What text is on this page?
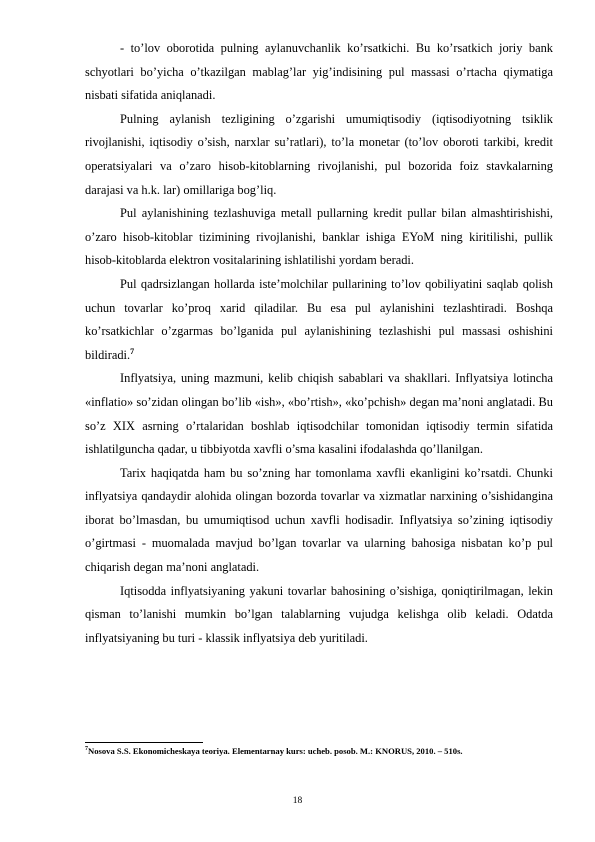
- to’lov oborotida pulning aylanuvchanlik ko’rsatkichi. Bu ko’rsatkich joriy bank schyotlari bo’yicha o’tkazilgan mablag’lar yig’indisining pul massasi o’rtacha qiymatiga nisbati sifatida aniqlanadi.

Pulning aylanish tezligining o’zgarishi umumiqtisodiy (iqtisodiyotning tsiklik rivojlanishi, iqtisodiy o’sish, narxlar su’ratlari), to’la monetar (to’lov oboroti tarkibi, kredit operatsiyalari va o’zaro hisob-kitoblarning rivojlanishi, pul bozorida foiz stavkalarning darajasi va h.k. lar) omillariga bog’liq.

Pul aylanishining tezlashuviga metall pullarning kredit pullar bilan almashtirishishi, o’zaro hisob-kitoblar tizimining rivojlanishi, banklar ishiga EYoM ning kiritilishi, pullik hisob-kitoblarda elektron vositalarining ishlatilishi yordam beradi.

Pul qadrsizlangan hollarda iste’molchilar pullarining to’lov qobiliyatini saqlab qolish uchun tovarlar ko’proq xarid qiladilar. Bu esa pul aylanishini tezlashtiradi. Boshqa ko’rsatkichlar o’zgarmas bo’lganida pul aylanishining tezlashishi pul massasi oshishini bildiradi.$^7$

Inflyatsiya, uning mazmuni, kelib chiqish sabablari va shakllari. Inflyatsiya lotincha «inflatio» so’zidan olingan bo’lib «ish», «bo’rtish», «ko’pchish» degan ma’noni anglatadi. Bu so’z XIX asrning o’rtalaridan boshlab iqtisodchilar tomonidan iqtisodiy termin sifatida ishlatilguncha qadar, u tibbiyotda xavfli o’sma kasalini ifodalashda qo’llanilgan.

Tarix haqiqatda ham bu so’zning har tomonlama xavfli ekanligini ko’rsatdi. Chunki inflyatsiya qandaydir alohida olingan bozorda tovarlar va xizmatlar narxining o’sishidangina iborat bo’lmasdan, bu umumiqtisod uchun xavfli hodisadir. Inflyatsiya so’zining iqtisodiy o’girtmasi - muomalada mavjud bo’lgan tovarlar va ularning bahosiga nisbatan ko’p pul chiqarish degan ma’noni anglatadi.

Iqtisodda inflyatsiyaning yakuni tovarlar bahosining o’sishiga, qoniqtirilmagan, lekin qisman to’lanishi mumkin bo’lgan talablarning vujudga kelishga olib keladi. Odatda inflyatsiyaning bu turi - klassik inflyatsiya deb yuritiladi.

$^7$Nosova S.S. Ekonomicheskaya teoriya. Elementarnay kurs: ucheb. posob. M.: KNORUS, 2010. – 510s.
18
